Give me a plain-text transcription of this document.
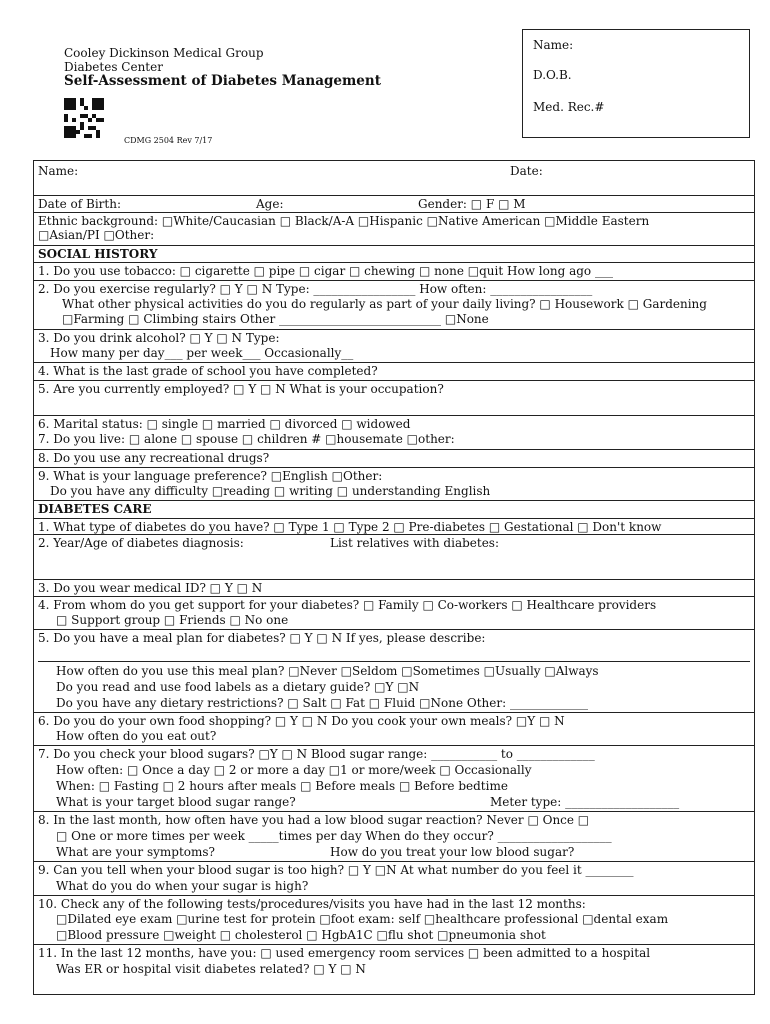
Cooley Dickinson Medical Group
Diabetes Center
Self-Assessment of Diabetes Management
CDMG 2504 Rev 7/17
Name:
D.O.B.
Med. Rec.#
Name:	Date:
Date of Birth:	Age:	Gender: □ F □ M
Ethnic background: □White/Caucasian □ Black/A-A □Hispanic □Native American □Middle Eastern
□Asian/PI □Other:
SOCIAL HISTORY
1. Do you use tobacco: □ cigarette □ pipe □ cigar □ chewing □ none □quit How long ago ___
2. Do you exercise regularly? □ Y □ N Type: _________________ How often: _________________
What other physical activities do you do regularly as part of your daily living? □ Housework □ Gardening
□Farming □ Climbing stairs Other ___________________________ □None
3. Do you drink alcohol? □ Y □ N Type:
How many per day___ per week___ Occasionally__
4. What is the last grade of school you have completed?
5. Are you currently employed? □ Y □ N What is your occupation?
6. Marital status: □ single □ married □ divorced □ widowed
7. Do you live: □ alone □ spouse □ children # □housemate □other:
8. Do you use any recreational drugs?
9. What is your language preference? □English □Other:
Do you have any difficulty □reading □ writing □ understanding English
DIABETES CARE
1. What type of diabetes do you have? □ Type 1 □ Type 2 □ Pre-diabetes □ Gestational □ Don't know
2. Year/Age of diabetes diagnosis:	List relatives with diabetes:
3. Do you wear medical ID? □ Y □ N
4. From whom do you get support for your diabetes? □ Family □ Co-workers □ Healthcare providers
□ Support group □ Friends □ No one
5. Do you have a meal plan for diabetes? □ Y □ N If yes, please describe:
How often do you use this meal plan? □Never □Seldom □Sometimes □Usually □Always
Do you read and use food labels as a dietary guide? □Y □N
Do you have any dietary restrictions? □ Salt □ Fat □ Fluid □None Other: _____________
6. Do you do your own food shopping? □ Y □ N Do you cook your own meals? □Y □ N
How often do you eat out?
7. Do you check your blood sugars? □Y □ N Blood sugar range: ___________ to _____________
How often: □ Once a day □ 2 or more a day □1 or more/week □ Occasionally
When: □ Fasting □ 2 hours after meals □ Before meals □ Before bedtime
What is your target blood sugar range?	Meter type: ___________________
8. In the last month, how often have you had a low blood sugar reaction? Never □ Once □
□ One or more times per week _____times per day When do they occur? ___________________
What are your symptoms?	How do you treat your low blood sugar?
9. Can you tell when your blood sugar is too high? □ Y □N At what number do you feel it ________
What do you do when your sugar is high?
10. Check any of the following tests/procedures/visits you have had in the last 12 months:
□Dilated eye exam □urine test for protein □foot exam: self □healthcare professional □dental exam
□Blood pressure □weight □ cholesterol □ HgbA1C □flu shot □pneumonia shot
11. In the last 12 months, have you: □ used emergency room services □ been admitted to a hospital
Was ER or hospital visit diabetes related? □ Y □ N
